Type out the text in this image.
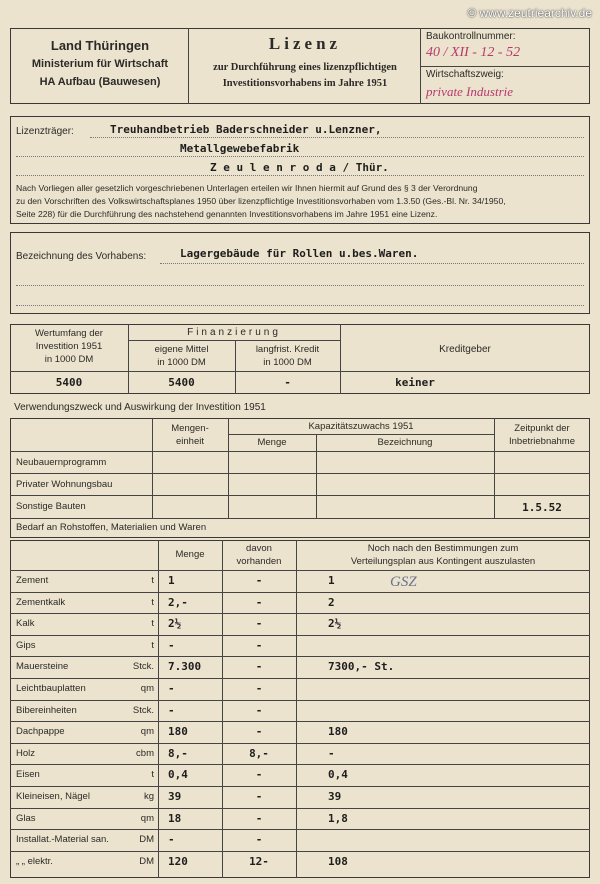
© www.zeutriearchiv.de
Land Thüringen
Ministerium für Wirtschaft
HA Aufbau (Bauwesen)
Lizenz
zur Durchführung eines lizenzpflichtigen
Investitionsvorhabens im Jahre 1951
Baukontrollnummer:
40 / XII - 12 - 52
Wirtschaftszweig:
private Industrie
Lizenzträger:	Treuhandbetrieb Baderschneider u.Lenzner,
Metallgewebefabrik
Z e u l e n r o d a / Thür.
Nach Vorliegen aller gesetzlich vorgeschriebenen Unterlagen erteilen wir Ihnen hiermit auf Grund des § 3 der Verordnung
zu den Vorschriften des Volkswirtschaftsplanes 1950 über lizenzpflichtige Investitionsvorhaben vom 1.3.50 (Ges.-Bl. Nr. 34/1950,
Seite 228) für die Durchführung des nachstehend genannten Investitionsvorhabens im Jahre 1951 eine Lizenz.
Bezeichnung des Vorhabens:	Lagergebäude für Rollen u.bes.Waren.
Wertumfang der
Investition 1951
in 1000 DM
Finanzierung
eigene Mittel
in 1000 DM
langfrist. Kredit
in 1000 DM
Kreditgeber
5400	5400	-	keiner
Verwendungszweck und Auswirkung der Investition 1951
Mengen-
einheit
Kapazitätszuwachs 1951
Menge	Bezeichnung
Zeitpunkt der
Inbetriebnahme
Neubauernprogramm
Privater Wohnungsbau
Sonstige Bauten	1.5.52
Bedarf an Rohstoffen, Materialien und Waren
Menge
davon
vorhanden
Noch nach den Bestimmungen zum
Verteilungsplan aus Kontingent auszulasten
GSZ
Zement	t 1	-	1
Zementkalk	t 2,-	-	2
Kalk	t 2½	-	2½
Gips	t -	-
Mauersteine	Stck. 7.300	-	7300,- St.
Leichtbauplatten	qm -	-
Bibereinheiten	Stck. -	-
Dachpappe	qm 180	-	180
Holz	cbm 8,-	8,-	-
Eisen	t 0,4	-	0,4
Kleineisen, Nägel	kg 39	-	39
Glas	qm 18	-	1,8
Installat.-Material san.	DM -	-
„ „ elektr.	DM 120	12-	108
